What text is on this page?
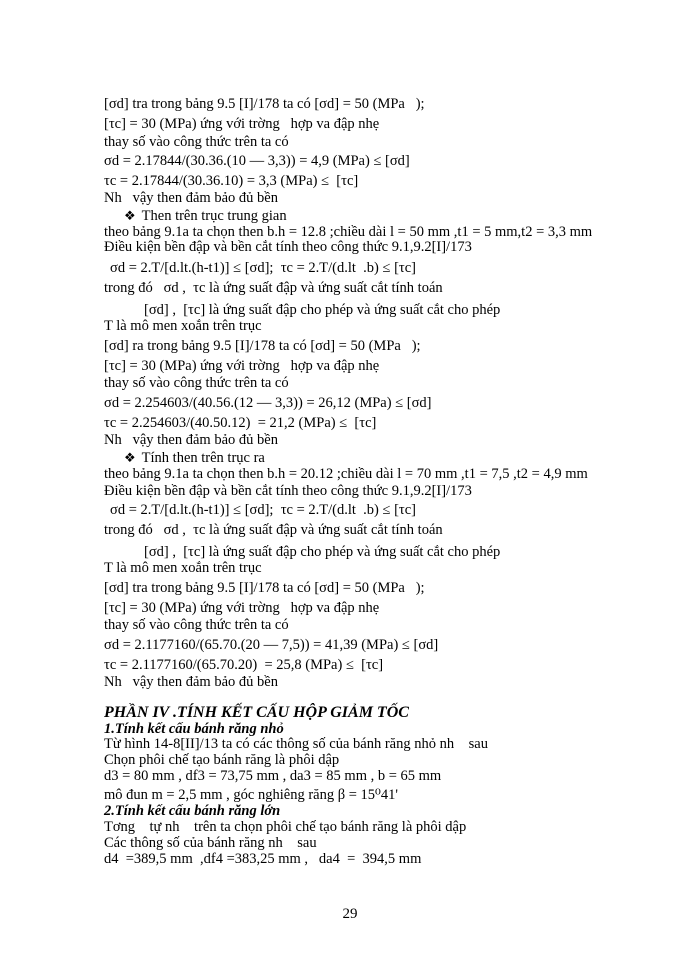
[σd] tra trong bảng 9.5 [I]/178 ta có [σd] = 50 (MPa   );
[τc] = 30 (MPa) ứng với trờng   hợp va đập nhẹ
thay số vào công thức trên ta có
σd = 2.17844/(30.36.(10 — 3,3)) = 4,9 (MPa) ≤ [σd]
τc = 2.17844/(30.36.10) = 3,3 (MPa) ≤  [τc]
Nh   vậy then đảm bảo đủ bền
❖ Then trên trục trung gian
theo bảng 9.1a ta chọn then b.h = 12.8 ;chiều dài l = 50 mm ,t1 = 5 mm,t2 = 3,3 mm
Điều kiện bền đập và bền cắt tính theo công thức 9.1,9.2[I]/173
σd = 2.T/[d.lt.(h-t1)] ≤ [σd];  τc = 2.T/(d.lt  .b) ≤ [τc]
trong đó   σd ,  τc là ứng suất đập và ứng suất cắt tính toán
[σd] ,  [τc] là ứng suất đập cho phép và ứng suất cắt cho phép
T là mô men xoắn trên trục
[σd] ra trong bảng 9.5 [I]/178 ta có [σd] = 50 (MPa   );
[τc] = 30 (MPa) ứng với trờng   hợp va đập nhẹ
thay số vào công thức trên ta có
σd = 2.254603/(40.56.(12 — 3,3)) = 26,12 (MPa) ≤ [σd]
τc = 2.254603/(40.50.12)  = 21,2 (MPa) ≤  [τc]
Nh   vậy then đảm bảo đủ bền
❖ Tính then trên trục ra
theo bảng 9.1a ta chọn then b.h = 20.12 ;chiều dài l = 70 mm ,t1 = 7,5 ,t2 = 4,9 mm
Điều kiện bền đập và bền cắt tính theo công thức 9.1,9.2[I]/173
σd = 2.T/[d.lt.(h-t1)] ≤ [σd];  τc = 2.T/(d.lt  .b) ≤ [τc]
trong đó   σd ,  τc là ứng suất đập và ứng suất cắt tính toán
[σd] ,  [τc] là ứng suất đập cho phép và ứng suất cắt cho phép
T là mô men xoắn trên trục
[σd] tra trong bảng 9.5 [I]/178 ta có [σd] = 50 (MPa   );
[τc] = 30 (MPa) ứng với trờng   hợp va đập nhẹ
thay số vào công thức trên ta có
σd = 2.1177160/(65.70.(20 — 7,5)) = 41,39 (MPa) ≤ [σd]
τc = 2.1177160/(65.70.20)  = 25,8 (MPa) ≤  [τc]
Nh   vậy then đảm bảo đủ bền
PHẦN IV .TÍNH KẾT CẤU HỘP GIẢM TỐC
1.Tính kết cấu bánh răng nhỏ
Từ hình 14-8[II]/13 ta có các thông số của bánh răng nhỏ nh    sau
Chọn phôi chế tạo bánh răng là phôi dập
d3 = 80 mm , df3 = 73,75 mm , da3 = 85 mm , b = 65 mm
mô đun m = 2,5 mm , góc nghiêng răng β = 15⁰41'
2.Tính kết cấu bánh răng lớn
Tơng    tự nh    trên ta chọn phôi chế tạo bánh răng là phôi dập
Các thông số của bánh răng nh    sau
d4  =389,5 mm  ,df4 =383,25 mm ,   da4  =  394,5 mm
29
